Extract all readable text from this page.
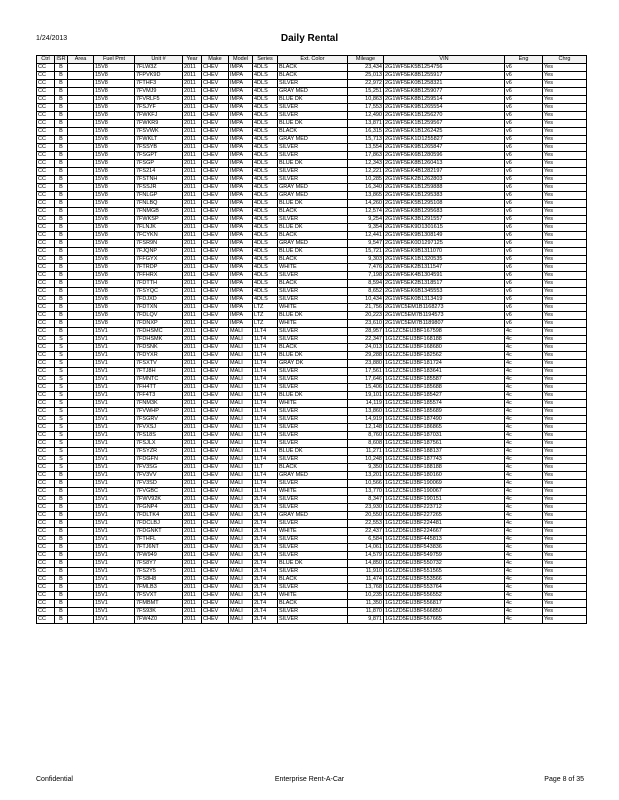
1/24/2013	Daily Rental
Ctrl	ISR	Area	Fuel Pmt	Unit #	Year	Make	Model	Series	Ext. Color	Mileage	VIN	Eng	Chrg
CC	B		15V8	7FLW3Z	2011	CHEV	IMPA	4DLS	BLACK	23,434	2G1WF5EK5B1254756	v6	Yes
CC	B		15V8	7FPVK9D	2011	CHEV	IMPA	4DLS	BLACK	25,013	2G1WF5EK8B1255917	v6	Yes
CC	B		15V8	7FTHF3	2011	CHEV	IMPA	4DLS	SILVER	22,972	2G1WF5EK0B1258321	v6	Yes
CC	B		15V8	7FVMJ9	2011	CHEV	IMPA	4DLS	GRAY MED	15,251	2G1WF5EK8B1259077	v6	Yes
CC	B		15V8	7FVRLF5	2011	CHEV	IMPA	4DLS	BLUE DK	10,863	2G1WF5EK8B1259514	v6	Yes
CC	B		15V8	7FSJYF	2011	CHEV	IMPA	4DLS	SILVER	17,553	2G1WF5EK9B1265554	v6	Yes
CC	B		15V8	7FWKFJ	2011	CHEV	IMPA	4DLS	SILVER	12,490	2G1WF5EK1B1256270	v6	Yes
CC	B		15V8	7FWKR9	2011	CHEV	IMPA	4DLS	BLUE DK	13,871	2G1WF5EK1B1259567	v6	Yes
CC	B		15V8	7FSVWK	2011	CHEV	IMPA	4DLS	BLACK	16,315	2G1WF5EK1B1262425	v6	Yes
CC	B		15V8	7FWKLT	2011	CHEV	IMPA	4DLS	GRAY MED	15,713	2G1WF5EK1D1255827	v6	Yes
CC	B		15V8	7FSSYB	2011	CHEV	IMPA	4DLS	SILVER	13,554	2G1WF5EK9B1265847	v6	Yes
CC	B		15V8	7FSGPT	2011	CHEV	IMPA	4DLS	SILVER	17,863	2G1WF5EK6B1280596	v6	Yes
CC	B		15V8	7FSGP	2011	CHEV	IMPA	4DLS	BLUE DK	12,343	2G1WF5EK8B1260413	v6	Yes
CC	B		15V8	7FS214	2011	CHEV	IMPA	4DLS	SILVER	12,221	2G1WF5EK4B1282197	v6	Yes
CC	B		15V8	7FSTNH	2011	CHEV	IMPA	4DLS	SILVER	10,285	2G1WF5EK2B1262803	v6	Yes
CC	B		15V8	7FSSJR	2011	CHEV	IMPA	4DLS	GRAY MED	16,340	2G1WF5EK1B1259888	v6	Yes
CC	B		15V8	7FNLGP	2011	CHEV	IMPA	4DLS	GRAY MED	13,865	2G1WF5EK1B1295383	v6	Yes
CC	B		15V8	7FNLBQ	2011	CHEV	IMPA	4DLS	BLUE DK	14,260	2G1WF5EK5B1295108	v6	Yes
CC	B		15V8	7FNMGB	2011	CHEV	IMPA	4DLS	BLACK	12,574	2G1WF5EK8B1295683	v6	Yes
CC	B		15V8	7FWKSP	2011	CHEV	IMPA	4DLS	SILVER	9,254	2G1WF5EK3B1291557	v6	Yes
CC	B		15V8	7FLNJK	2011	CHEV	IMPA	4DLS	BLUE DK	9,354	2G1WF5EK9D1301615	v6	Yes
CC	B		15V8	7FCYKN	2011	CHEV	IMPA	4DLS	BLACK	12,441	2G1WF5EK9B1308149	v6	Yes
CC	B		15V8	7FSR9N	2011	CHEV	IMPA	4DLS	GRAY MED	9,547	2G1WF5EK0D1297125	v6	Yes
CC	B		15V8	7FJQNP	2011	CHEV	IMPA	4DLS	BLUE DK	15,721	2G1WF5EK9B1311070	v6	Yes
CC	B		15V8	7FFGYX	2011	CHEV	IMPA	4DLS	BLACK	9,303	2G1WF5EK1B1320535	v6	Yes
CC	B		15V8	7FTRDP	2011	CHEV	IMPA	4DLS	WHITE	7,476	2G1WF5EK2B1311547	v6	Yes
CC	B		15V8	7FFHRX	2011	CHEV	IMPA	4DLS	SILVER	7,198	2G1WF5EK4B1304591	v6	Yes
CC	B		15V8	7FDTTH	2011	CHEV	IMPA	4DLS	BLACK	8,594	2G1WF5EK2B1318517	v6	Yes
CC	B		15V8	7FSYQC	2011	CHEV	IMPA	4DLS	SILVER	8,652	2G1WF5EK6B1345553	v6	Yes
CC	B		15V8	7FDJXD	2011	CHEV	IMPA	4DLS	SILVER	10,434	2G1WF5EK0B1313419	v6	Yes
CC	B		15V8	7FDTXN	2011	CHEV	IMPA	LTZ	WHITE	21,756	2G1WC5EM1B1168273	v6	Yes
CC	B		15V8	7FDLQV	2011	CHEV	IMPA	LTZ	BLUE DK	20,223	2G1WC5EM7B1194573	v6	Yes
CC	B		15V8	7FDNXP	2011	CHEV	IMPA	LTZ	WHITE	23,610	2G1WC5EM7B1189807	v6	Yes
CC	B		15V1	7FDHSMC	2011	CHEV	MALI	1LT4	SILVER	28,957	1G1ZC5EU3BF167598	4c	Yes
CC	S		15V1	7FDHSMK	2011	CHEV	MALI	1LT4	SILVER	22,347	1G1ZC5EU3BF168188	4c	Yes
CC	S		15V1	7FDSNK	2011	CHEV	MALI	1LT4	BLACK	24,013	1G1ZC5EU3BF168680	4c	Yes
CC	S		15V1	7FDYXR	2011	CHEV	MALI	1LT4	BLUE DK	29,288	1G1ZC5EU3BF182562	4c	Yes
CC	S		15V1	7FSXTV	2011	CHEV	MALI	1LT4	GRAY DK	23,880	1G1ZC5EU3BF181724	4c	Yes
CC	S		15V1	7FTJ8H	2011	CHEV	MALI	1LT4	SILVER	17,561	1G1ZC5EU3BF183641	4c	Yes
CC	S		15V1	7FMNTC	2011	CHEV	MALI	1LT4	SILVER	17,646	1G1ZC5EU3BF185587	4c	Yes
CC	S		15V1	7FH4TT	2011	CHEV	MALI	1LT4	SILVER	15,406	1G1ZC5EU3BF185688	4c	Yes
CC	S		15V1	7FF4T3	2011	CHEV	MALI	1LT4	BLUE DK	19,101	1G1ZC5EU3BF185427	4c	Yes
CC	S		15V1	7FNM3K	2011	CHEV	MALI	1LT4	WHITE	14,119	1G1ZC5EU3BF185574	4c	Yes
CC	S		15V1	7FVWHP	2011	CHEV	MALI	1LT4	SILVER	13,860	1G1ZC5EU3BF185689	4c	Yes
CC	S		15V1	7FSGRV	2011	CHEV	MALI	1LT4	SILVER	14,919	1G1ZC5EU3BF187490	4c	Yes
CC	S		15V1	7FVXSJ	2011	CHEV	MALI	1LT4	SILVER	12,148	1G1ZC5EU3BF186865	4c	Yes
CC	S		15V1	7FS18S	2011	CHEV	MALI	1LT4	SILVER	8,760	1G1ZC5EU3BF187031	4c	Yes
CC	S		15V1	7FSJLX	2011	CHEV	MALI	1LT4	SILVER	8,608	1G1ZC5EU3BF187561	4c	Yes
CC	S		15V1	7FSYZR	2011	CHEV	MALI	1LT4	BLUE DK	11,271	1G1ZC5EU3BF188137	4c	Yes
CC	S		15V1	7FDGFN	2011	CHEV	MALI	1LT4	SILVER	10,248	1G1ZC5EU3BF187743	4c	Yes
CC	S		15V1	7FV3SG	2011	CHEV	MALI	1LT	BLACK	9,350	1G1ZC5EU3BF188188	4c	Yes
CC	B		15V1	7FV3VV	2011	CHEV	MALI	1LT4	GRAY MED	13,201	1G1ZC5EU3BF180160	4c	Yes
CC	B		15V1	7FV3SD	2011	CHEV	MALI	1LT4	SILVER	10,566	1G1ZC5EU3BF190069	4c	Yes
CC	B		15V1	7FVGBC	2011	CHEV	MALI	1LT4	WHITE	13,770	1G1ZC5EU3BF190067	4c	Yes
CC	B		15V1	7FWV92K	2011	CHEV	MALI	2LT4	SILVER	8,347	1G1ZC5EU3BF190151	4c	Yes
CC	B		15V1	7FGNP4	2011	CHEV	MALI	2LT4	SILVER	23,930	1G1ZD5EU3BF223712	4c	Yes
CC	B		15V1	7FDLTK4	2011	CHEV	MALI	2LT4	GRAY MED	20,550	1G1ZD5EU3BF227265	4c	Yes
CC	B		15V1	7FDCLBJ	2011	CHEV	MALI	2LT4	SILVER	22,553	1G1ZD5EU3BF224481	4c	Yes
CC	B		15V1	7FDGNKT	2011	CHEV	MALI	2LT4	WHITE	22,437	1G1ZD5EU3BF224667	4c	Yes
CC	B		15V1	7FTHFL	2011	CHEV	MALI	2LT4	SILVER	6,584	1G1ZD5EU3BF445813	4c	Yes
CC	B		15V1	7FTJ6NT	2011	CHEV	MALI	2LT4	SILVER	14,061	1G1ZD5EU3BF543836	4c	Yes
CC	B		15V1	7FW949	2011	CHEV	MALI	2LT4	SILVER	14,579	1G1ZD5EU3BF549759	4c	Yes
CC	B		15V1	7FS8Y7	2011	CHEV	MALI	2LT4	BLUE DK	14,850	1G1ZD5EU3BF550732	4c	Yes
CC	B		15V1	7FS2Y5	2011	CHEV	MALI	2LT4	SILVER	11,910	1G1ZD5EU3BF551565	4c	Yes
CC	B		15V1	7FS8H8	2011	CHEV	MALI	2LT4	BLACK	11,474	1G1ZD5EU3BF553566	4c	Yes
CC	B		15V1	7FMLB3	2011	CHEV	MALI	2LT4	SILVER	13,768	1G1ZD5EU3BF553764	4c	Yes
CC	B		15V1	7FSVXT	2011	CHEV	MALI	2LT4	WHITE	10,235	1G1ZD5EU3BF556552	4c	Yes
CC	B		15V1	7FMBMT	2011	CHEV	MALI	2LT4	BLACK	11,350	1G1ZD5EU3BF556817	4c	Yes
CC	B		15V1	7FS93K	2011	CHEV	MALI	2LT4	SILVER	11,870	1G1ZD5EU3BF566850	4c	Yes
CC	B		15V1	7FW4Z0	2011	CHEV	MALI	2LT4	SILVER	9,871	1G1ZD5EU3BF567665	4c	Yes
Confidential	Enterprise Rent-A-Car	Page 8 of 35
